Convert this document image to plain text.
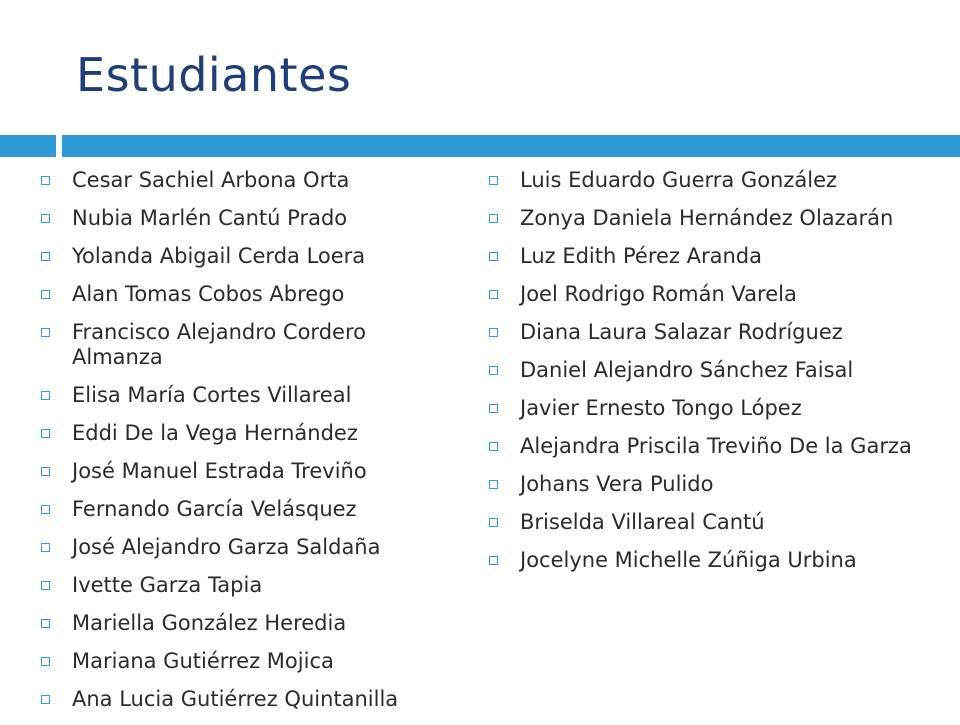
Estudiantes
Cesar Sachiel Arbona Orta
Nubia Marlén Cantú Prado
Yolanda Abigail Cerda Loera
Alan Tomas Cobos Abrego
Francisco Alejandro Cordero Almanza
Elisa María Cortes Villareal
Eddi De la Vega Hernández
José Manuel Estrada Treviño
Fernando García Velásquez
José Alejandro Garza Saldaña
Ivette Garza Tapia
Mariella González Heredia
Mariana Gutiérrez Mojica
Ana Lucia Gutiérrez Quintanilla
Luis Eduardo Guerra González
Zonya Daniela Hernández Olazarán
Luz Edith Pérez Aranda
Joel Rodrigo Román Varela
Diana Laura Salazar Rodríguez
Daniel Alejandro Sánchez Faisal
Javier Ernesto Tongo López
Alejandra Priscila Treviño De la Garza
Johans Vera Pulido
Briselda Villareal Cantú
Jocelyne Michelle Zúñiga Urbina
